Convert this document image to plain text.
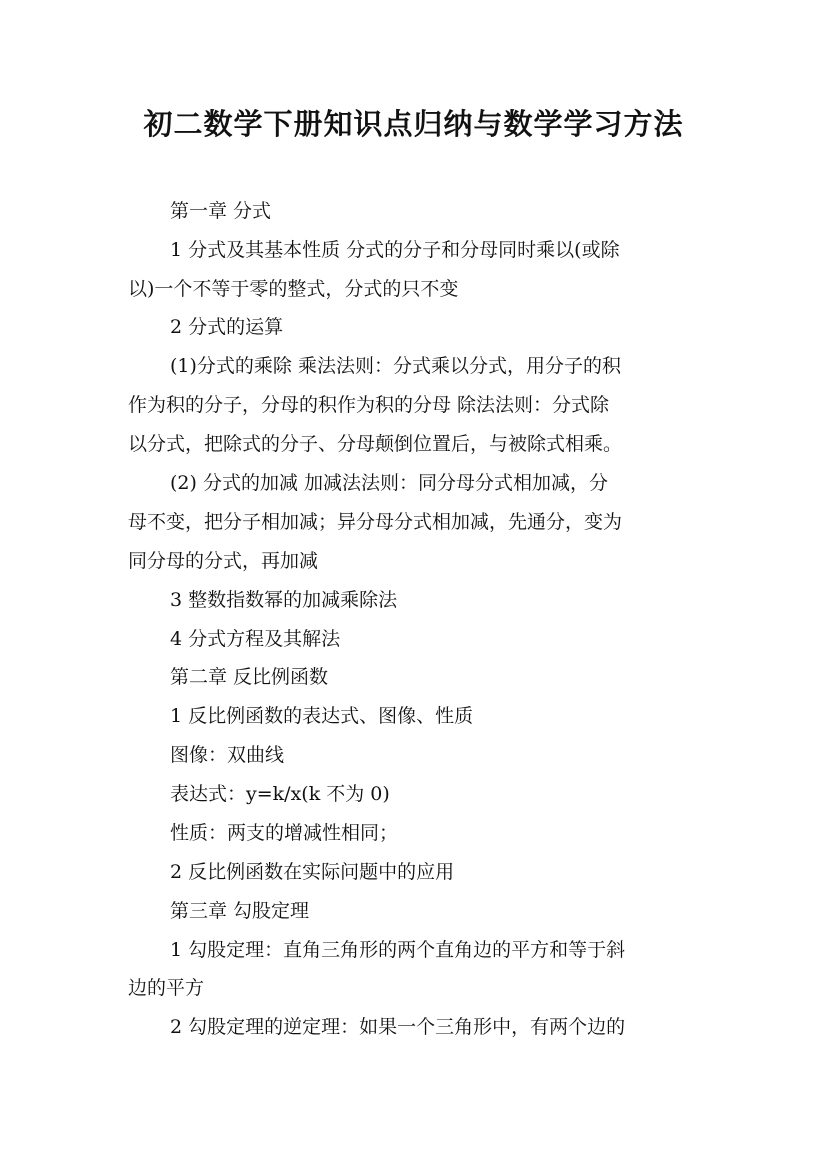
初二数学下册知识点归纳与数学学习方法
第一章 分式
1 分式及其基本性质 分式的分子和分母同时乘以(或除
以)一个不等于零的整式，分式的只不变
2 分式的运算
(1)分式的乘除 乘法法则：分式乘以分式，用分子的积
作为积的分子，分母的积作为积的分母 除法法则：分式除
以分式，把除式的分子、分母颠倒位置后，与被除式相乘。
(2) 分式的加减 加减法法则：同分母分式相加减，分
母不变，把分子相加减；异分母分式相加减，先通分，变为
同分母的分式，再加减
3 整数指数幂的加减乘除法
4 分式方程及其解法
第二章 反比例函数
1 反比例函数的表达式、图像、性质
图像：双曲线
表达式：y=k/x(k 不为 0)
性质：两支的增减性相同；
2 反比例函数在实际问题中的应用
第三章 勾股定理
1 勾股定理：直角三角形的两个直角边的平方和等于斜
边的平方
2 勾股定理的逆定理：如果一个三角形中，有两个边的
